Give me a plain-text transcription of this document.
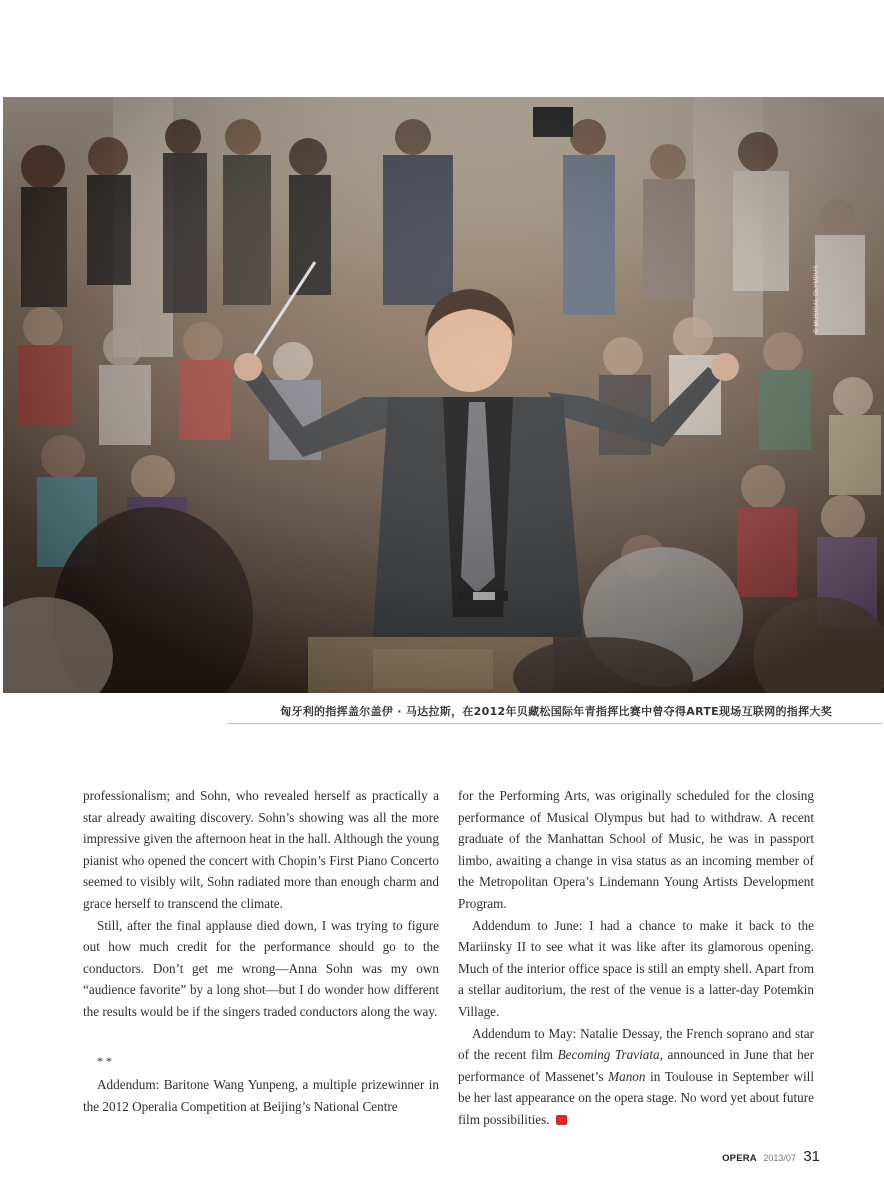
© MUSICAL OLYMPUS
匈牙利的指挥盖尔盖伊 · 马达拉斯，在2012年贝藏松国际年青指挥比赛中曾夺得ARTE现场互联网的指挥大奖

professionalism; and Sohn, who revealed herself as practically a star already awaiting discovery. Sohn’s showing was all the more impressive given the afternoon heat in the hall. Although the young pianist who opened the concert with Chopin’s First Piano Concerto seemed to visibly wilt, Sohn radiated more than enough charm and grace herself to transcend the climate.

Still, after the final applause died down, I was trying to figure out how much credit for the performance should go to the conductors. Don’t get me wrong—Anna Sohn was my own “audience favorite” by a long shot—but I do wonder how different the results would be if the singers traded conductors along the way.

* *

Addendum: Baritone Wang Yunpeng, a multiple prizewinner in the 2012 Operalia Competition at Beijing’s National Centre

for the Performing Arts, was originally scheduled for the closing performance of Musical Olympus but had to withdraw. A recent graduate of the Manhattan School of Music, he was in passport limbo, awaiting a change in visa status as an incoming member of the Metropolitan Opera’s Lindemann Young Artists Development Program.

Addendum to June: I had a chance to make it back to the Mariinsky II to see what it was like after its glamorous opening. Much of the interior office space is still an empty shell. Apart from a stellar auditorium, the rest of the venue is a latter-day Potemkin Village.

Addendum to May: Natalie Dessay, the French soprano and star of the recent film Becoming Traviata, announced in June that her performance of Massenet’s Manon in Toulouse in September will be her last appearance on the opera stage. No word yet about future film possibilities.

OPERA 2013/07 31
